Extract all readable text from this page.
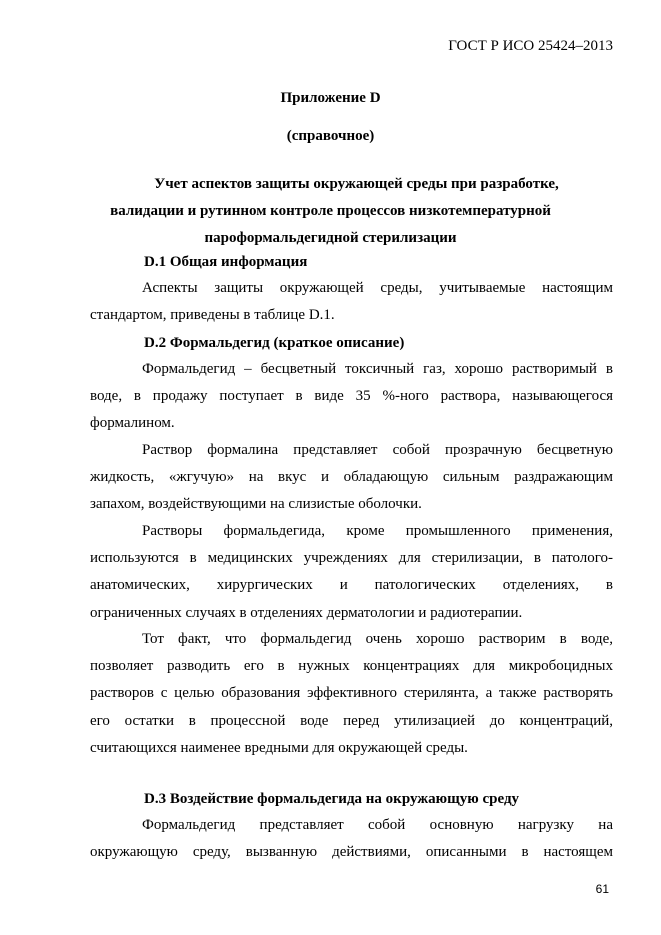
ГОСТ Р ИСО 25424–2013
Приложение D
(справочное)
Учет аспектов защиты окружающей среды при разработке,
валидации и рутинном контроле процессов низкотемпературной
пароформальдегидной стерилизации
D.1 Общая информация
Аспекты защиты окружающей среды, учитываемые настоящим
стандартом, приведены в таблице D.1.
D.2 Формальдегид (краткое описание)
Формальдегид – бесцветный токсичный газ, хорошо растворимый в
воде, в продажу поступает в виде 35 %-ного раствора, называющегося
формалином.
Раствор формалина представляет собой прозрачную бесцветную
жидкость, «жгучую» на вкус и обладающую сильным раздражающим
запахом, воздействующими на слизистые оболочки.
Растворы формальдегида, кроме промышленного применения,
используются в медицинских учреждениях для стерилизации, в патолого-
анатомических, хирургических и патологических отделениях, в
ограниченных случаях в отделениях дерматологии и радиотерапии.
Тот факт, что формальдегид очень хорошо растворим в воде,
позволяет разводить его в нужных концентрациях для микробоцидных
растворов с целью образования эффективного стерилянта, а также растворять
его остатки в процессной воде перед утилизацией до концентраций,
считающихся наименее вредными для окружающей среды.
D.3 Воздействие формальдегида на окружающую среду
Формальдегид представляет собой основную нагрузку на
окружающую среду, вызванную действиями, описанными в настоящем
61
